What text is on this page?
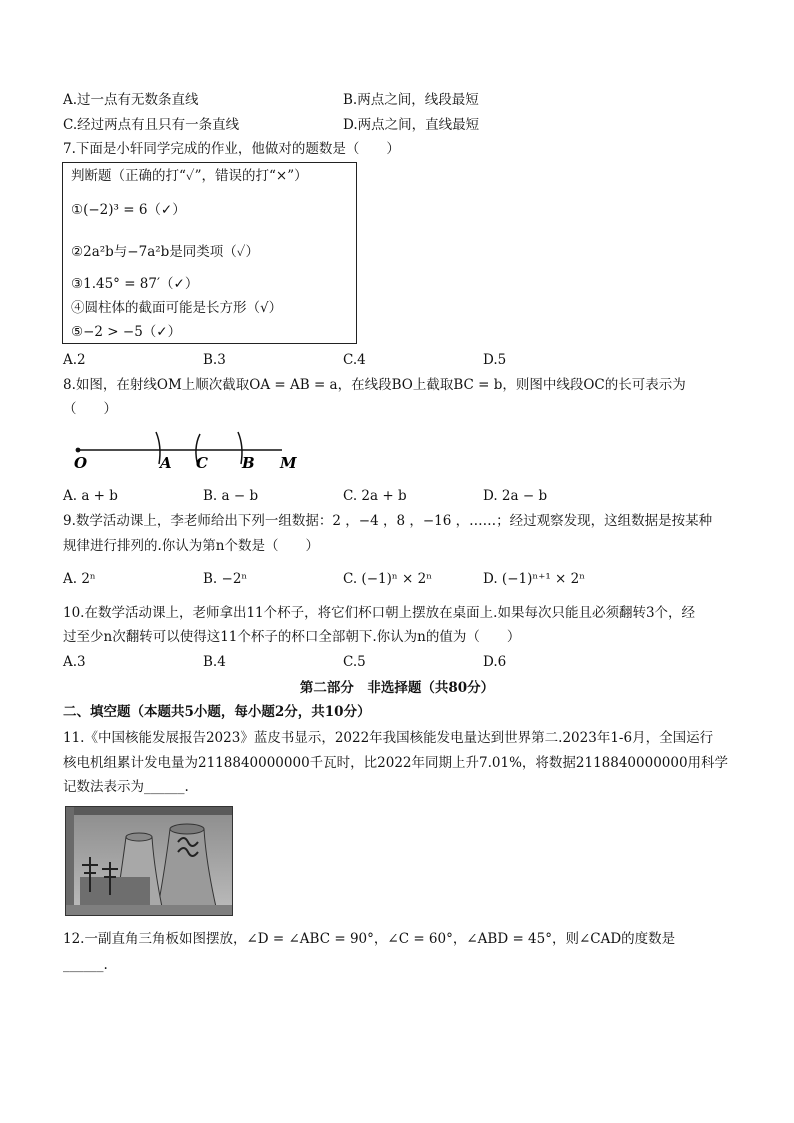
A.过一点有无数条直线	B.两点之间，线段最短
C.经过两点有且只有一条直线	D.两点之间，直线最短
7.下面是小轩同学完成的作业，他做对的题数是（　　）
判断题（正确的打“✓”，错误的打“×”）
①(−2)³ = 6（✓）
②2a²b与−7a²b是同类项（✓）
③1.45° = 87′（✓）
④圆柱体的截面可能是长方形（√）
⑤−2 > −5（✓）
A.2	B.3	C.4	D.5
8.如图，在射线OM上顺次截取OA = AB = a，在线段BO上截取BC = b，则图中线段OC的长可表示为
（　　）
O	A C B M
A. a + b	B. a − b	C. 2a + b	D. 2a − b
9.数学活动课上，李老师给出下列一组数据：2 ，−4 ，8 ，−16 ，……；经过观察发现，这组数据是按某种
规律进行排列的.你认为第n个数是（　　）
A. 2ⁿ	B. −2ⁿ	C. (−1)ⁿ × 2ⁿ	D. (−1)ⁿ⁺¹ × 2ⁿ
10.在数学活动课上，老师拿出11个杯子，将它们杯口朝上摆放在桌面上.如果每次只能且必须翻转3个，经
过至少n次翻转可以使得这11个杯子的杯口全部朝下.你认为n的值为（　　）
A.3	B.4	C.5	D.6
第二部分　非选择题（共80分）
二、填空题（本题共5小题，每小题2分，共10分）
11.《中国核能发展报告2023》蓝皮书显示，2022年我国核能发电量达到世界第二.2023年1-6月，全国运行
核电机组累计发电量为2118840000000千瓦时，比2022年同期上升7.01%，将数据2118840000000用科学
记数法表示为______.
12.一副直角三角板如图摆放，∠D = ∠ABC = 90°，∠C = 60°，∠ABD = 45°，则∠CAD的度数是
______.
